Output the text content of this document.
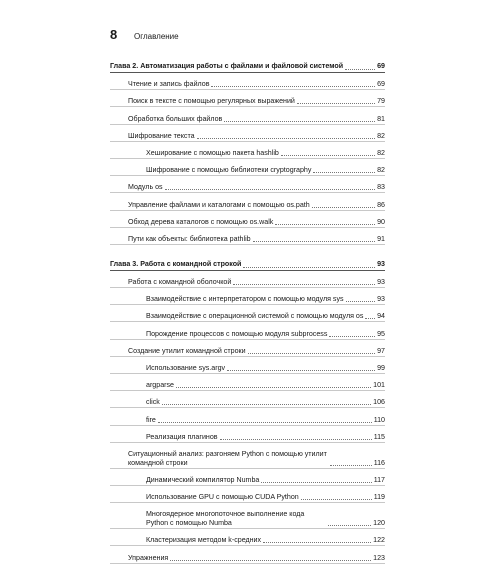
8	Оглавление
Глава 2. Автоматизация работы с файлами и файловой системой	69
Чтение и запись файлов	69
Поиск в тексте с помощью регулярных выражений	79
Обработка больших файлов	81
Шифрование текста	82
Хеширование с помощью пакета hashlib	82
Шифрование с помощью библиотеки cryptography	82
Модуль os	83
Управление файлами и каталогами с помощью os.path	86
Обход дерева каталогов с помощью os.walk	90
Пути как объекты: библиотека pathlib	91
Глава 3. Работа с командной строкой	93
Работа с командной оболочкой	93
Взаимодействие с интерпретатором с помощью модуля sys	93
Взаимодействие с операционной системой с помощью модуля os 94
Порождение процессов с помощью модуля subprocess	95
Создание утилит командной строки	97
Использование sys.argv	99
argparse	101
click	106
fire	110
Реализация плагинов	115
Ситуационный анализ: разгоняем Python с помощью утилит командной строки	116
Динамический компилятор Numba	117
Использование GPU с помощью CUDA Python	119
Многоядерное многопоточное выполнение кода Python с помощью Numba	120
Кластеризация методом k-средних	122
Упражнения	123
